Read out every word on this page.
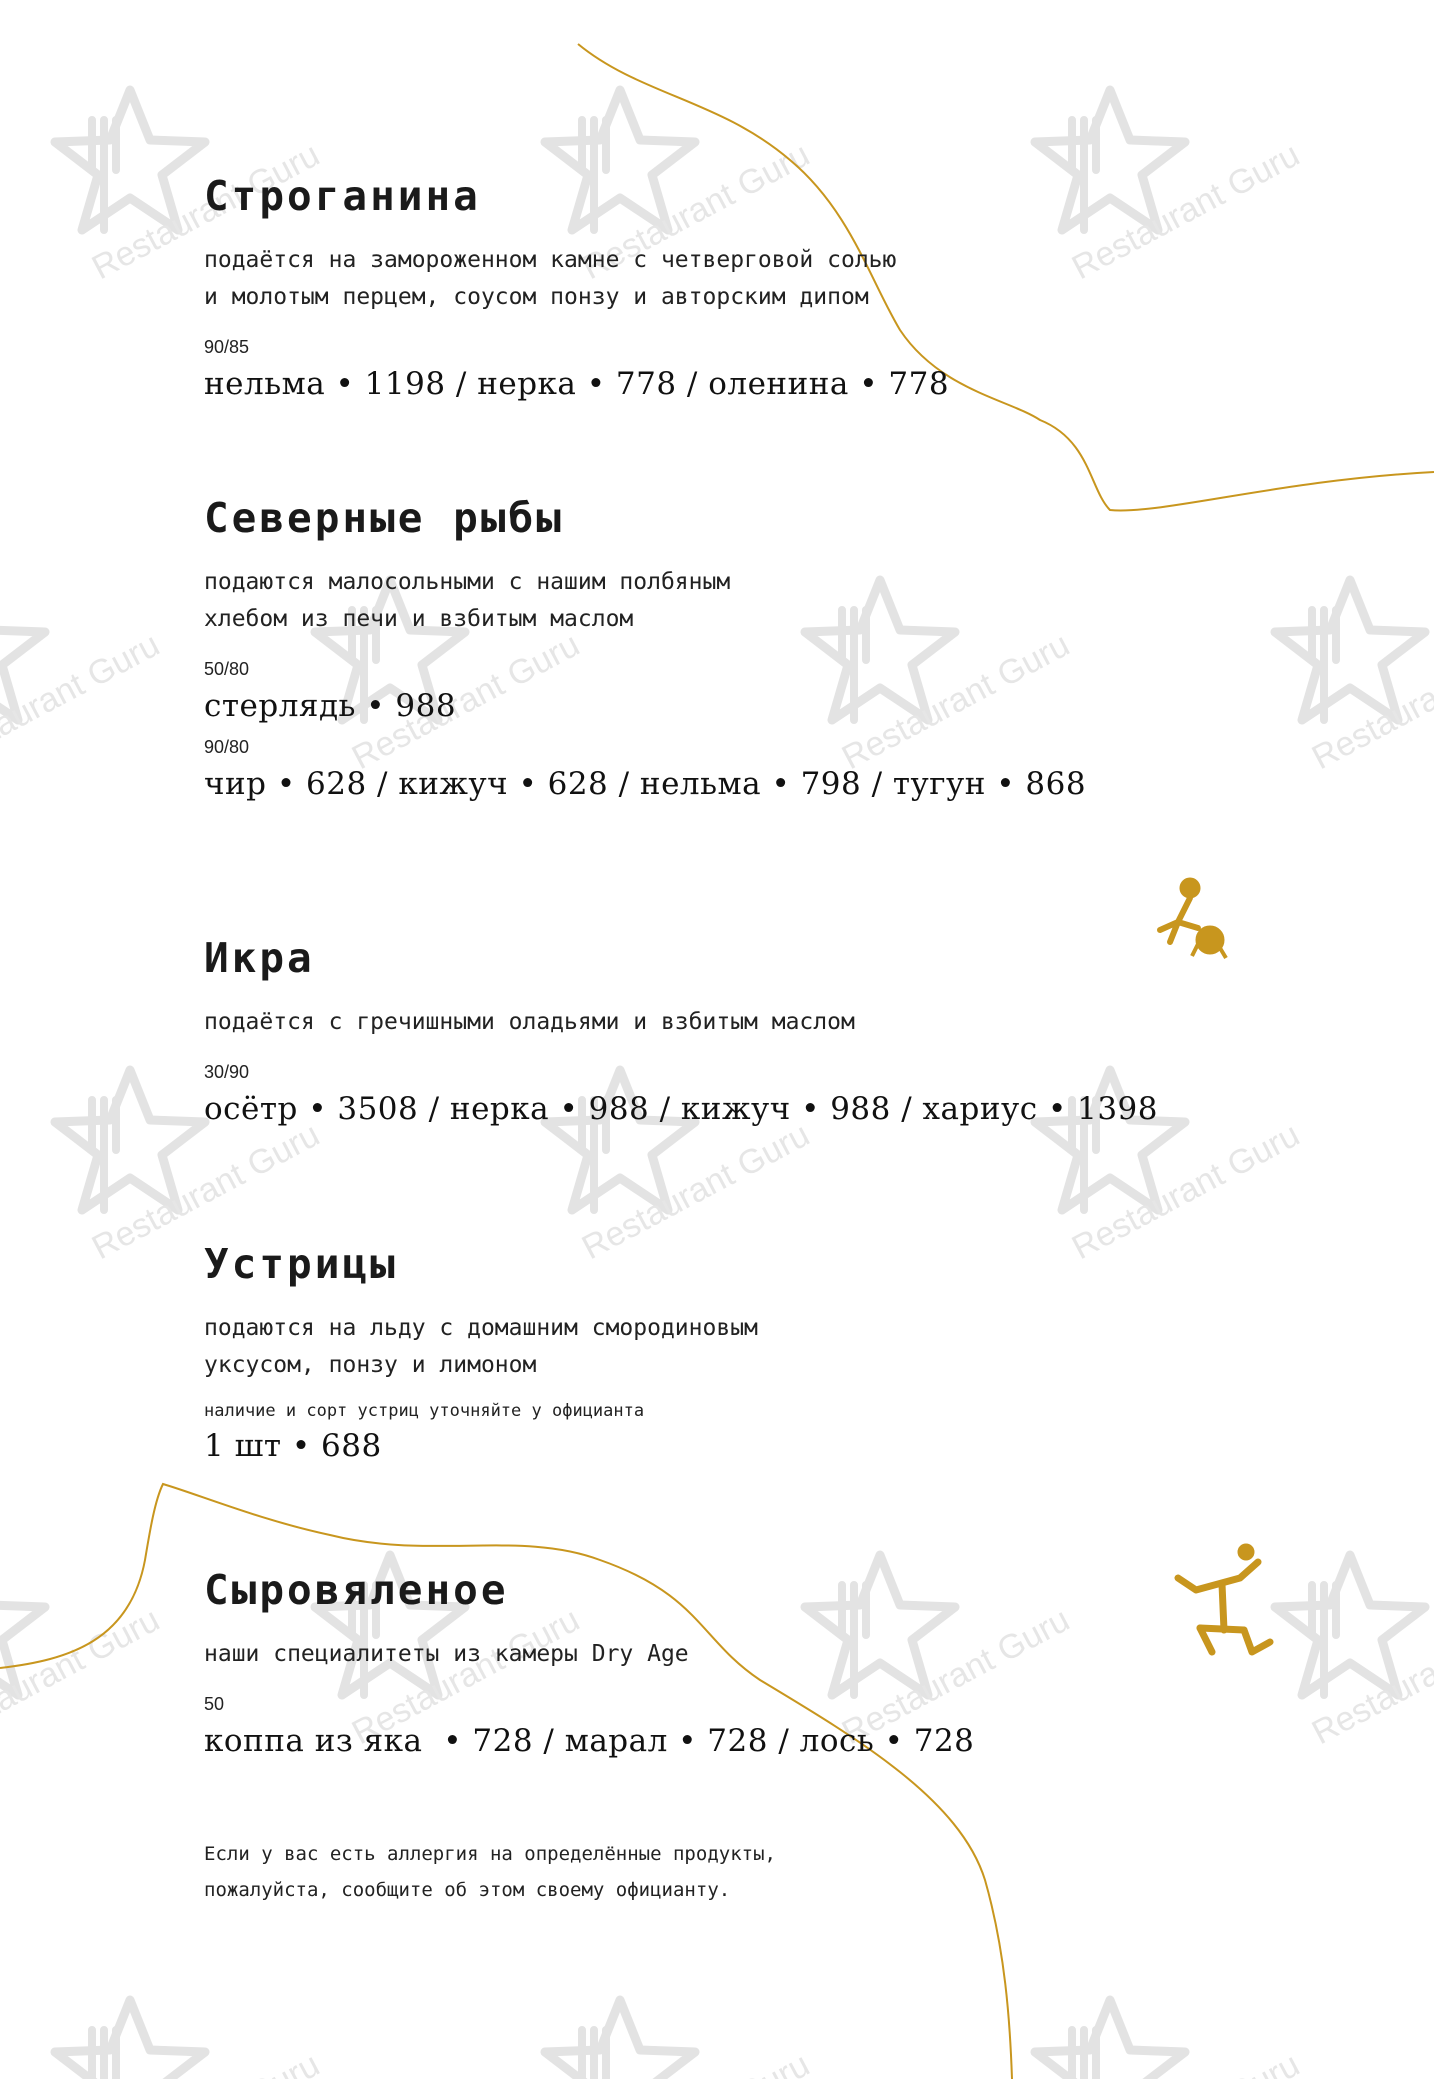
Restaurant Guru
Строганина

подаётся на замороженном камне с четверговой солью
и молотым перцем, соусом понзу и авторским дипом

90/85

нельма • 1198 / нерка • 778 / оленина • 778

Северные рыбы

подаются малосольными с нашим полбяным
хлебом из печи и взбитым маслом

50/80

стерлядь • 988

90/80

чир • 628 / кижуч • 628 / нельма • 798 / тугун • 868

Икра

подаётся с гречишными оладьями и взбитым маслом

30/90

осётр • 3508 / нерка • 988 / кижуч • 988 / хариус • 1398

Устрицы

подаются на льду с домашним смородиновым
уксусом, понзу и лимоном

наличие и сорт устриц уточняйте у официанта

1 шт • 688

Сыровяленое

наши специалитеты из камеры Dry Age

50

коппа из яка  • 728 / марал • 728 / лось • 728

Если у вас есть аллергия на определённые продукты,
пожалуйста, сообщите об этом своему официанту.
